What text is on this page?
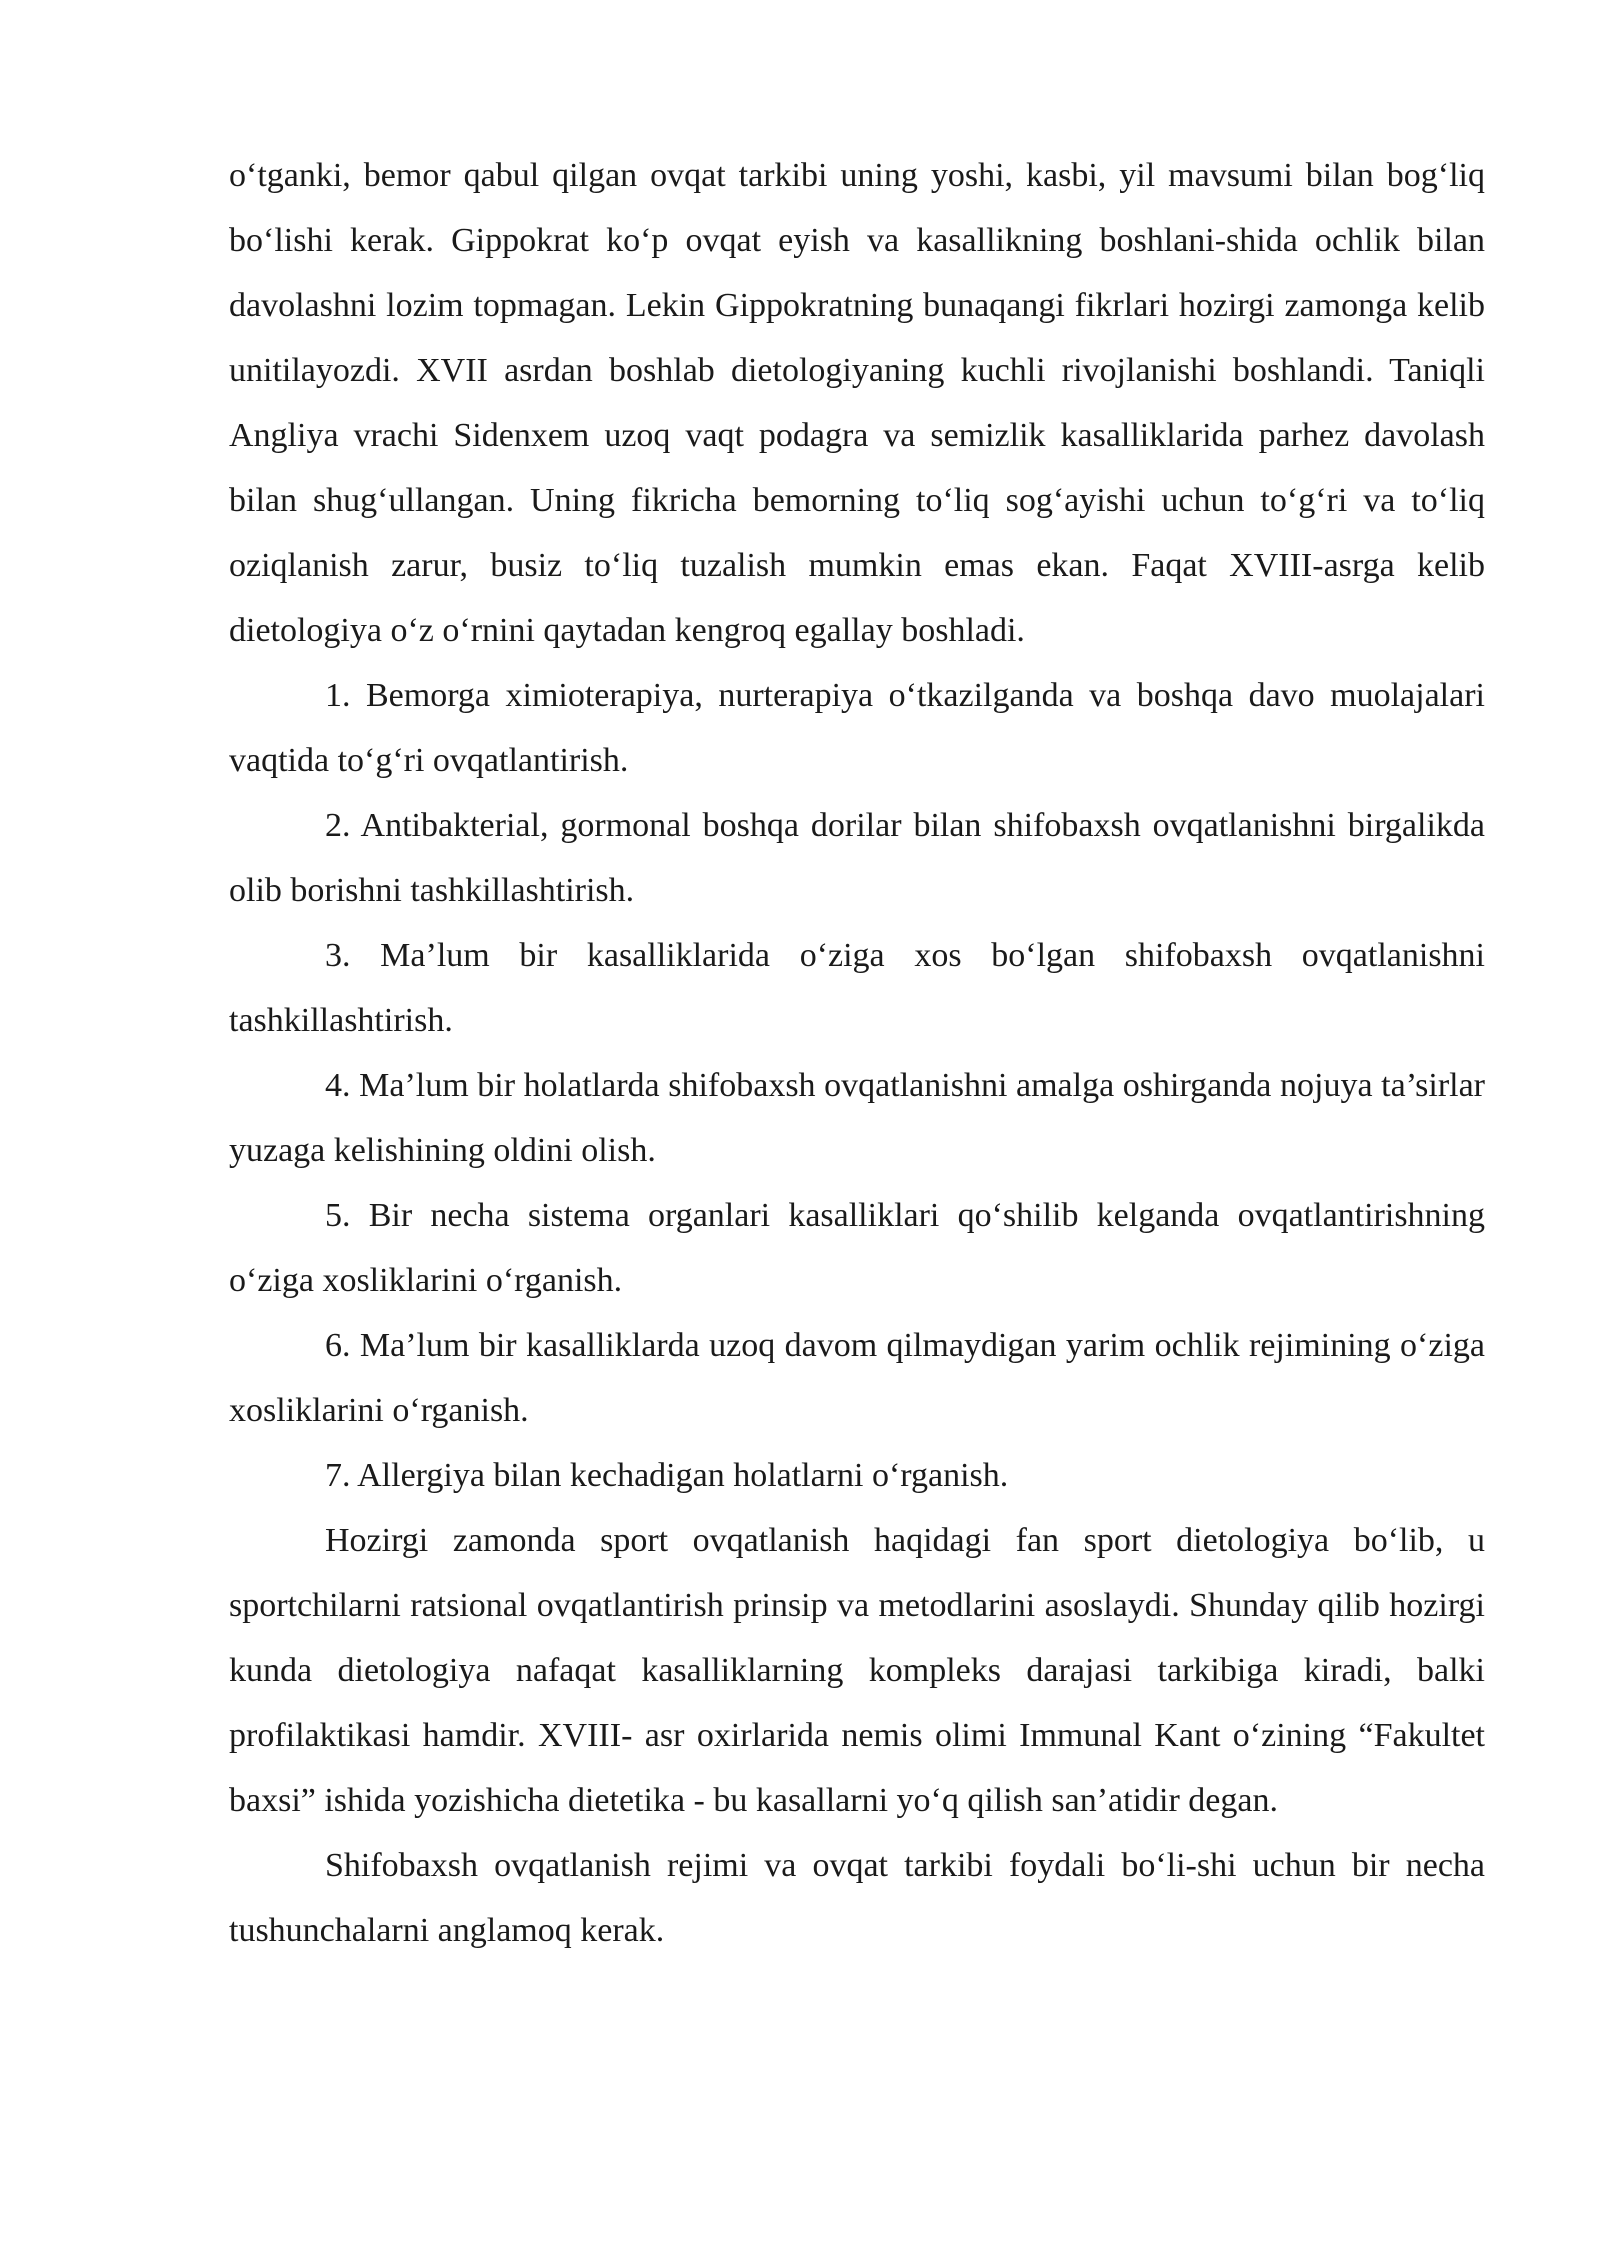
o‘tganki, bemor qabul qilgan ovqat tarkibi uning yoshi, kasbi, yil mavsumi bilan bog‘liq bo‘lishi kerak. Gippokrat ko‘p ovqat eyish va kasallikning boshlani-shida ochlik bilan davolashni lozim topmagan. Lekin Gippokratning bunaqangi fikrlari hozirgi zamonga kelib unitilayozdi. XVII asrdan boshlab dietologiyaning kuchli rivojlanishi boshlandi. Taniqli Angliya vrachi Sidenxem uzoq vaqt podagra va semizlik kasalliklarida parhez davolash bilan shug‘ullangan. Uning fikricha bemorning to‘liq sog‘ayishi uchun to‘g‘ri va to‘liq oziqlanish zarur, busiz to‘liq tuzalish mumkin emas ekan. Faqat XVIII-asrga kelib dietologiya o‘z o‘rnini qaytadan kengroq egallay boshladi.

1. Bemorga ximioterapiya, nurterapiya o‘tkazilganda va boshqa davo muolajalari vaqtida to‘g‘ri ovqatlantirish.

2. Antibakterial, gormonal boshqa dorilar bilan shifobaxsh ovqatlanishni birgalikda olib borishni tashkillashtirish.

3. Ma’lum bir kasalliklarida o‘ziga xos bo‘lgan shifobaxsh ovqatlanishni tashkillashtirish.

4. Ma’lum bir holatlarda shifobaxsh ovqatlanishni amalga oshirganda nojuya ta’sirlar yuzaga kelishining oldini olish.

5. Bir necha sistema organlari kasalliklari qo‘shilib kelganda ovqatlantirishning o‘ziga xosliklarini o‘rganish.

6. Ma’lum bir kasalliklarda uzoq davom qilmaydigan yarim ochlik rejimining o‘ziga xosliklarini o‘rganish.

7. Allergiya bilan kechadigan holatlarni o‘rganish.

Hozirgi zamonda sport ovqatlanish haqidagi fan sport dietologiya bo‘lib, u sportchilarni ratsional ovqatlantirish prinsip va metodlarini asoslaydi. Shunday qilib hozirgi kunda dietologiya nafaqat kasalliklarning kompleks darajasi tarkibiga kiradi, balki profilaktikasi hamdir. XVIII- asr oxirlarida nemis olimi Immunal Kant o‘zining “Fakultet baxsi” ishida yozishicha dietetika - bu kasallarni yo‘q qilish san’atidir degan.

Shifobaxsh ovqatlanish rejimi va ovqat tarkibi foydali bo‘li-shi uchun bir necha tushunchalarni anglamoq kerak.
